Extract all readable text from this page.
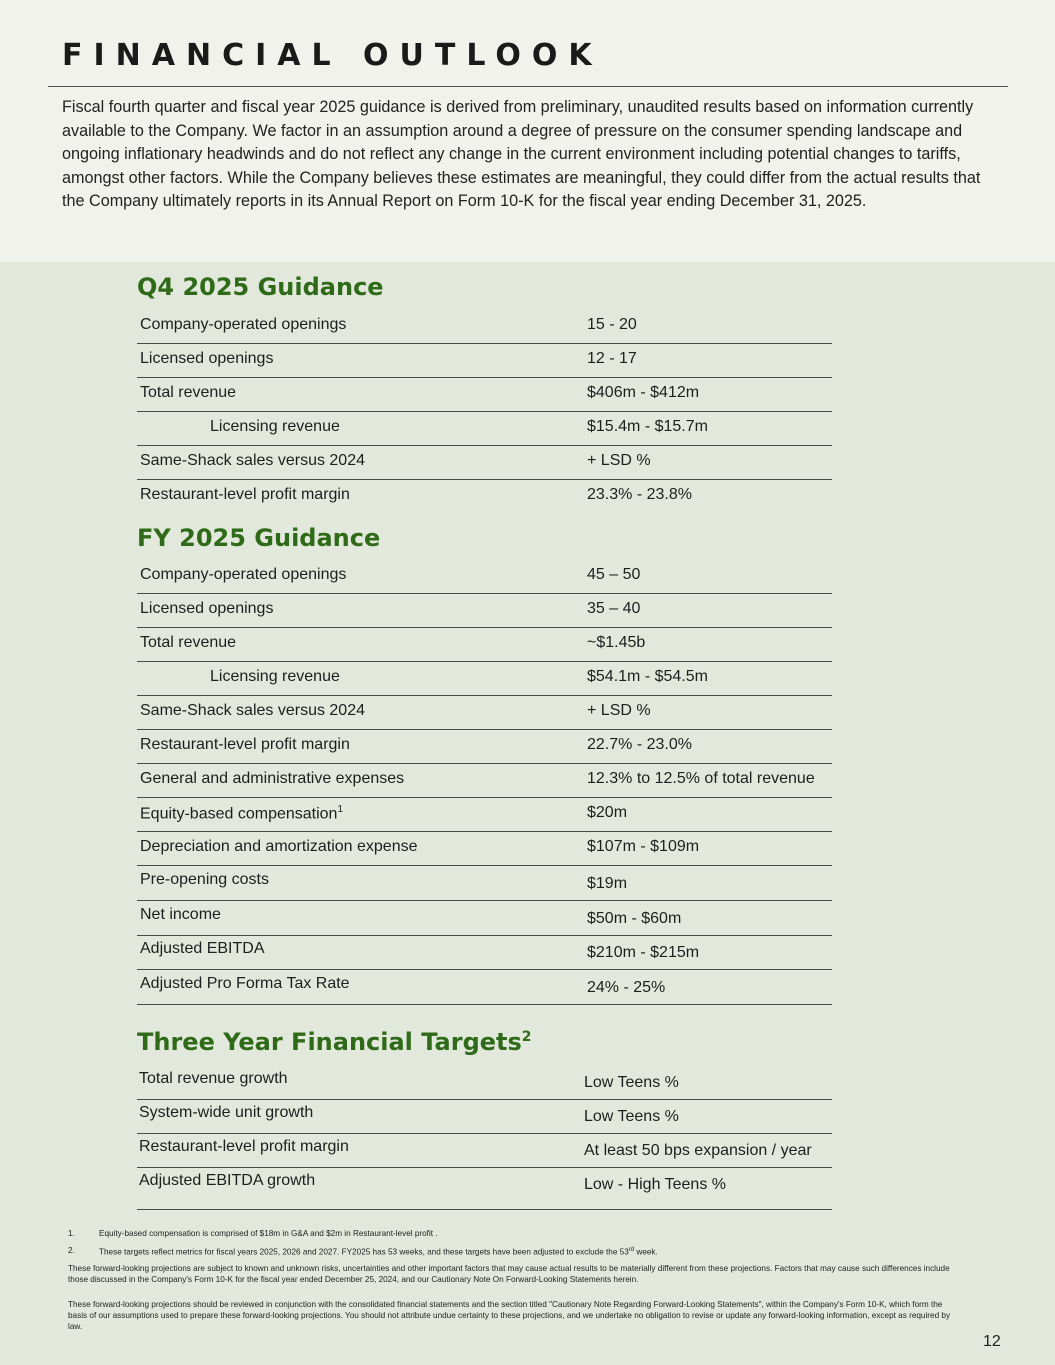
FINANCIAL OUTLOOK

Fiscal fourth quarter and fiscal year 2025 guidance is derived from preliminary, unaudited results based on information currently available to the Company. We factor in an assumption around a degree of pressure on the consumer spending landscape and ongoing inflationary headwinds and do not reflect any change in the current environment including potential changes to tariffs, amongst other factors. While the Company believes these estimates are meaningful, they could differ from the actual results that the Company ultimately reports in its Annual Report on Form 10-K for the fiscal year ending December 31, 2025.

Q4 2025 Guidance
Company-operated openings	15 - 20
Licensed openings	12 - 17
Total revenue	$406m - $412m
Licensing revenue	$15.4m - $15.7m
Same-Shack sales versus 2024	+ LSD %
Restaurant-level profit margin	23.3% - 23.8%
FY 2025 Guidance
Company-operated openings	45 – 50
Licensed openings	35 – 40
Total revenue	~$1.45b
Licensing revenue	$54.1m - $54.5m
Same-Shack sales versus 2024	+ LSD %
Restaurant-level profit margin	22.7% - 23.0%
General and administrative expenses	12.3% to 12.5% of total revenue
Equity-based compensation$^1$	$20m
Depreciation and amortization expense	$107m - $109m
Pre-opening costs	$19m
Net income	$50m - $60m
Adjusted EBITDA	$210m - $215m
Adjusted Pro Forma Tax Rate	24% - 25%
Three Year Financial Targets$^2$
Total revenue growth	Low Teens %
System-wide unit growth	Low Teens %
Restaurant-level profit margin	At least 50 bps expansion / year
Adjusted EBITDA growth	Low - High Teens %
1.	Equity-based compensation is comprised of $18m in G&A and $2m in Restaurant-level profit .
2.	These targets reflect metrics for fiscal years 2025, 2026 and 2027. FY2025 has 53 weeks, and these targets have been adjusted to exclude the 53rd week.

These forward-looking projections are subject to known and unknown risks, uncertainties and other important factors that may cause actual results to be materially different from these projections. Factors that may cause such differences include those discussed in the Company's Form 10-K for the fiscal year ended December 25, 2024, and our Cautionary Note On Forward-Looking Statements herein.

These forward-looking projections should be reviewed in conjunction with the consolidated financial statements and the section titled "Cautionary Note Regarding Forward-Looking Statements", within the Company's Form 10-K, which form the basis of our assumptions used to prepare these forward-looking projections. You should not attribute undue certainty to these projections, and we undertake no obligation to revise or update any forward-looking information, except as required by law.

12
